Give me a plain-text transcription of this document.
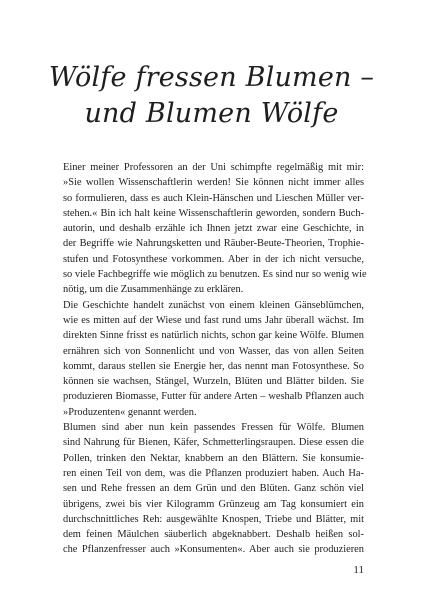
Wölfe fressen Blumen –
und Blumen Wölfe
Einer meiner Professoren an der Uni schimpfte regelmäßig mit mir:
»Sie wollen Wissenschaftlerin werden! Sie können nicht immer alles
so formulieren, dass es auch Klein-Hänschen und Lieschen Müller ver-
stehen.« Bin ich halt keine Wissenschaftlerin geworden, sondern Buch-
autorin, und deshalb erzähle ich Ihnen jetzt zwar eine Geschichte, in
der Begriffe wie Nahrungsketten und Räuber-Beute-Theorien, Trophie-
stufen und Fotosynthese vorkommen. Aber in der ich nicht versuche,
so viele Fachbegriffe wie möglich zu benutzen. Es sind nur so wenig wie
nötig, um die Zusammenhänge zu erklären.
Die Geschichte handelt zunächst von einem kleinen Gänseblümchen,
wie es mitten auf der Wiese und fast rund ums Jahr überall wächst. Im
direkten Sinne frisst es natürlich nichts, schon gar keine Wölfe. Blumen
ernähren sich von Sonnenlicht und von Wasser, das von allen Seiten
kommt, daraus stellen sie Energie her, das nennt man Fotosynthese. So
können sie wachsen, Stängel, Wurzeln, Blüten und Blätter bilden. Sie
produzieren Biomasse, Futter für andere Arten – weshalb Pflanzen auch
»Produzenten« genannt werden.
Blumen sind aber nun kein passendes Fressen für Wölfe. Blumen
sind Nahrung für Bienen, Käfer, Schmetterlingsraupen. Diese essen die
Pollen, trinken den Nektar, knabbern an den Blättern. Sie konsumie-
ren einen Teil von dem, was die Pflanzen produziert haben. Auch Ha-
sen und Rehe fressen an dem Grün und den Blüten. Ganz schön viel
übrigens, zwei bis vier Kilogramm Grünzeug am Tag konsumiert ein
durchschnittliches Reh: ausgewählte Knospen, Triebe und Blätter, mit
dem feinen Mäulchen säuberlich abgeknabbert. Deshalb heißen sol-
che Pflanzenfresser auch »Konsumenten«. Aber auch sie produzieren
11
